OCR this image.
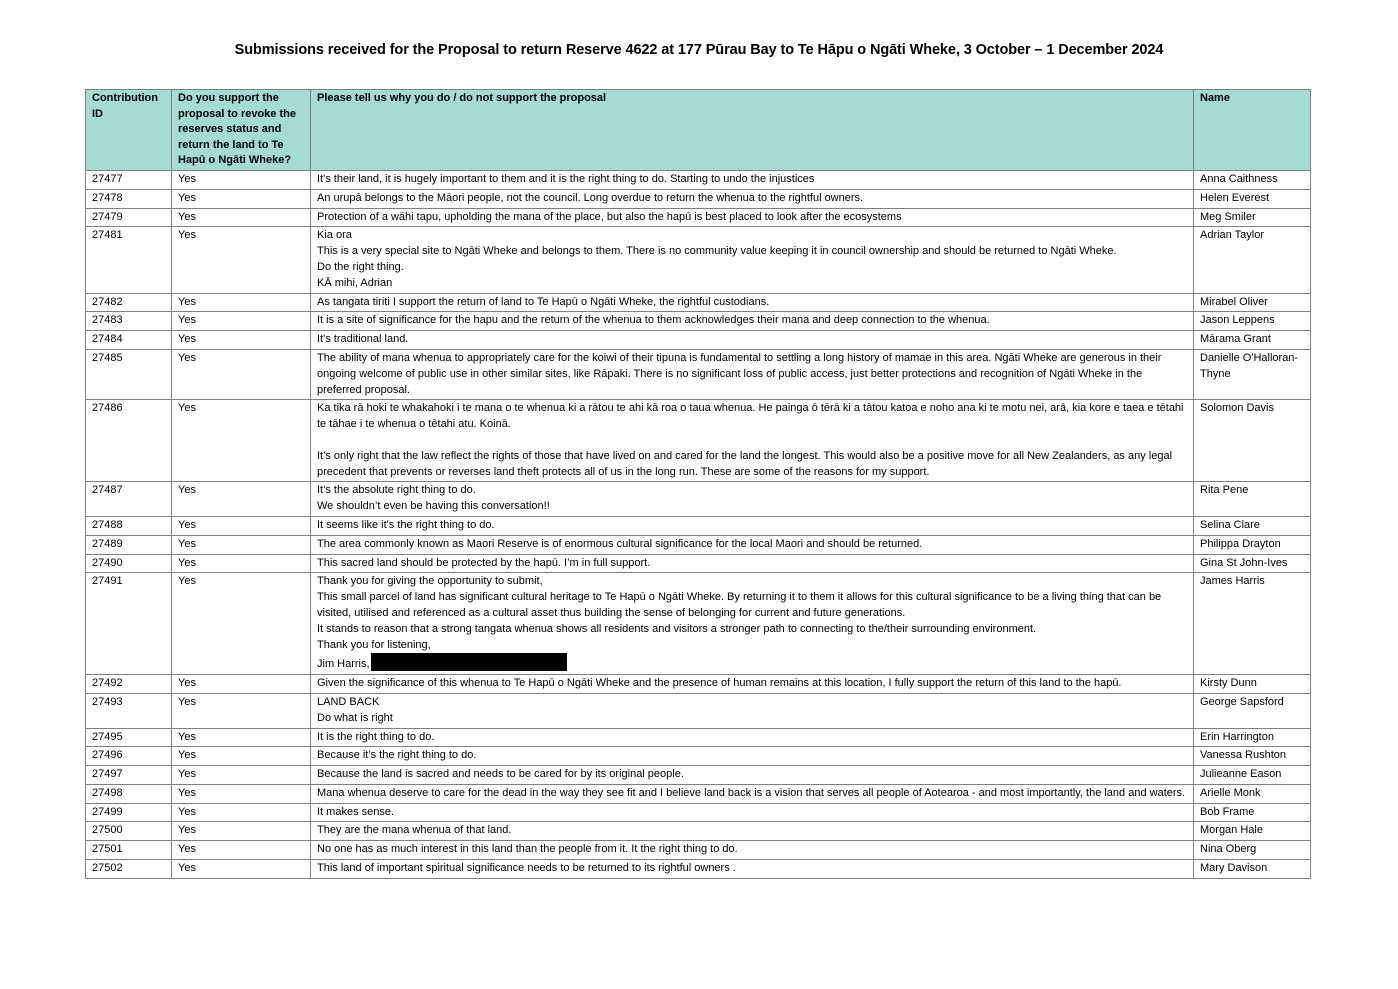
Submissions received for the Proposal to return Reserve 4622 at 177 Pūrau Bay to Te Hāpu o Ngāti Wheke, 3 October – 1 December 2024
Contribution ID	Do you support the proposal to revoke the reserves status and return the land to Te Hapū o Ngāti Wheke?	Please tell us why you do / do not support the proposal	Name
27477	Yes	It's their land, it is hugely important to them and it is the right thing to do. Starting to undo the injustices	Anna Caithness
27478	Yes	An urupā belongs to the Māori people, not the council. Long overdue to return the whenua to the rightful owners.	Helen Everest
27479	Yes	Protection of a wāhi tapu, upholding the mana of the place, but also the hapū is best placed to look after the ecosystems	Meg Smiler
27481	Yes	Kia ora
This is a very special site to Ngāti Wheke and belongs to them. There is no community value keeping it in council ownership and should be returned to Ngāti Wheke.
Do the right thing.
KĀ mihi, Adrian	Adrian Taylor
27482	Yes	As tangata tiriti I support the return of land to Te Hapū o Ngāti Wheke, the rightful custodians.	Mirabel Oliver
27483	Yes	It is a site of significance for the hapu and the return of the whenua to them acknowledges their mana and deep connection to the whenua.	Jason Leppens
27484	Yes	It's traditional land.	Mārama Grant
27485	Yes	The ability of mana whenua to appropriately care for the koiwi of their tipuna is fundamental to settling a long history of mamae in this area. Ngāti Wheke are generous in their ongoing welcome of public use in other similar sites, like Rāpaki. There is no significant loss of public access, just better protections and recognition of Ngāti Wheke in the preferred proposal.	Danielle O'Halloran-Thyne
27486	Yes	Ka tika rā hoki te whakahoki i te mana o te whenua ki a rātou te ahi kā roa o taua whenua. He painga ō tērā ki a tātou katoa e noho ana ki te motu nei, arā, kia kore e taea e tētahi te tāhae i te whenua o tētahi atu. Koinā.
It’s only right that the law reflect the rights of those that have lived on and cared for the land the longest. This would also be a positive move for all New Zealanders, as any legal precedent that prevents or reverses land theft protects all of us in the long run. These are some of the reasons for my support.	Solomon Davis
27487	Yes	It’s the absolute right thing to do.
We shouldn’t even be having this conversation!!	Rita Pene
27488	Yes	It seems like it's the right thing to do.	Selina Clare
27489	Yes	The area commonly known as Maori Reserve is of enormous cultural significance for the local Maori and should be returned.	Philippa Drayton
27490	Yes	This sacred land should be protected by the hapū. I’m in full support.	Gina St John-Ives
27491	Yes	Thank you for giving the opportunity to submit,
This small parcel of land has significant cultural heritage to Te Hapū o Ngāti Wheke. By returning it to them it allows for this cultural significance to be a living thing that can be visited, utilised and referenced as a cultural asset thus building the sense of belonging for current and future generations.
It stands to reason that a strong tangata whenua shows all residents and visitors a stronger path to connecting to the/their surrounding environment.
Thank you for listening,
Jim Harris,	James Harris
27492	Yes	Given the significance of this whenua to Te Hapū o Ngāti Wheke and the presence of human remains at this location, I fully support the return of this land to the hapū.	Kirsty Dunn
27493	Yes	LAND BACK
Do what is right	George Sapsford
27495	Yes	It is the right thing to do.	Erin Harrington
27496	Yes	Because it’s the right thing to do.	Vanessa Rushton
27497	Yes	Because the land is sacred and needs to be cared for by its original people.	Julieanne Eason
27498	Yes	Mana whenua deserve to care for the dead in the way they see fit and I believe land back is a vision that serves all people of Aotearoa - and most importantly, the land and waters.	Arielle Monk
27499	Yes	It makes sense.	Bob Frame
27500	Yes	They are the mana whenua of that land.	Morgan Hale
27501	Yes	No one has as much interest in this land than the people from it. It the right thing to do.	Nina Oberg
27502	Yes	This land of important spiritual significance needs to be returned to its rightful owners .	Mary Davison
